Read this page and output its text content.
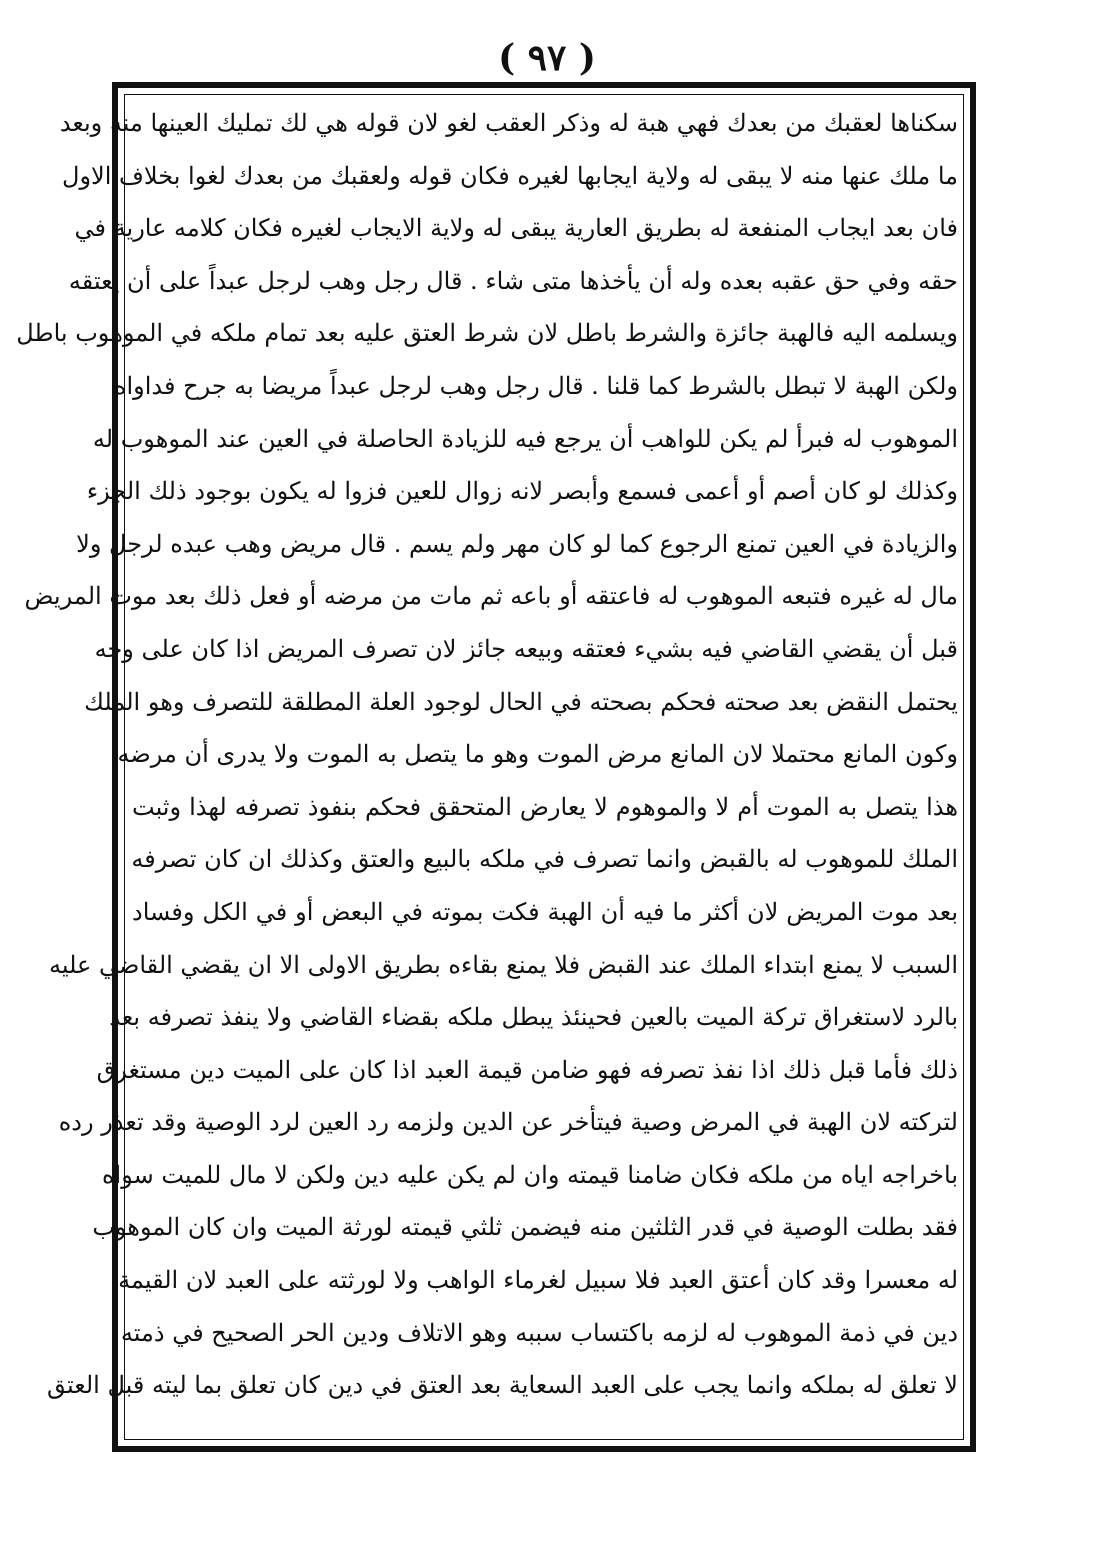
( ٩٧ )
سكناها لعقبك من بعدك فهي هبة له وذكر العقب لغو لان قوله هي لك تمليك العينها منه وبعد
ما ملك عنها منه لا يبقى له ولاية ايجابها لغيره فكان قوله ولعقبك من بعدك لغوا بخلاف الاول
فان بعد ايجاب المنفعة له بطريق العارية يبقى له ولاية الايجاب لغيره فكان كلامه عارية في
حقه وفي حق عقبه بعده وله أن يأخذها متى شاء . قال رجل وهب لرجل عبداً على أن يعتقه
ويسلمه اليه فالهبة جائزة والشرط باطل لان شرط العتق عليه بعد تمام ملكه في الموهوب باطل
ولكن الهبة لا تبطل بالشرط كما قلنا . قال رجل وهب لرجل عبداً مريضا به جرح فداواه
الموهوب له فبرأ لم يكن للواهب أن يرجع فيه للزيادة الحاصلة في العين عند الموهوب له
وكذلك لو كان أصم أو أعمى فسمع وأبصر لانه زوال للعين فزوا له يكون بوجود ذلك الجزء
والزيادة في العين تمنع الرجوع كما لو كان مهر ولم يسم . قال مريض وهب عبده لرجل ولا
مال له غيره فتبعه الموهوب له فاعتقه أو باعه ثم مات من مرضه أو فعل ذلك بعد موت المريض
قبل أن يقضي القاضي فيه بشيء فعتقه وبيعه جائز لان تصرف المريض اذا كان على وجه
يحتمل النقض بعد صحته فحكم بصحته في الحال لوجود العلة المطلقة للتصرف وهو الملك
وكون المانع محتملا لان المانع مرض الموت وهو ما يتصل به الموت ولا يدرى أن مرضه
هذا يتصل به الموت أم لا والموهوم لا يعارض المتحقق فحكم بنفوذ تصرفه لهذا وثبت
الملك للموهوب له بالقبض وانما تصرف في ملكه بالبيع والعتق وكذلك ان كان تصرفه
بعد موت المريض لان أكثر ما فيه أن الهبة فكت بموته في البعض أو في الكل وفساد
السبب لا يمنع ابتداء الملك عند القبض فلا يمنع بقاءه بطريق الاولى الا ان يقضي القاضي عليه
بالرد لاستغراق تركة الميت بالعين فحينئذ يبطل ملكه بقضاء القاضي ولا ينفذ تصرفه بعد
ذلك فأما قبل ذلك اذا نفذ تصرفه فهو ضامن قيمة العبد اذا كان على الميت دين مستغرق
لتركته لان الهبة في المرض وصية فيتأخر عن الدين ولزمه رد العين لرد الوصية وقد تعذر رده
باخراجه اياه من ملكه فكان ضامنا قيمته وان لم يكن عليه دين ولكن لا مال للميت سواه
فقد بطلت الوصية في قدر الثلثين منه فيضمن ثلثي قيمته لورثة الميت وان كان الموهوب
له معسرا وقد كان أعتق العبد فلا سبيل لغرماء الواهب ولا لورثته على العبد لان القيمة
دين في ذمة الموهوب له لزمه باكتساب سببه وهو الاتلاف ودين الحر الصحيح في ذمته
لا تعلق له بملكه وانما يجب على العبد السعاية بعد العتق في دين كان تعلق بما ليته قبل العتق
